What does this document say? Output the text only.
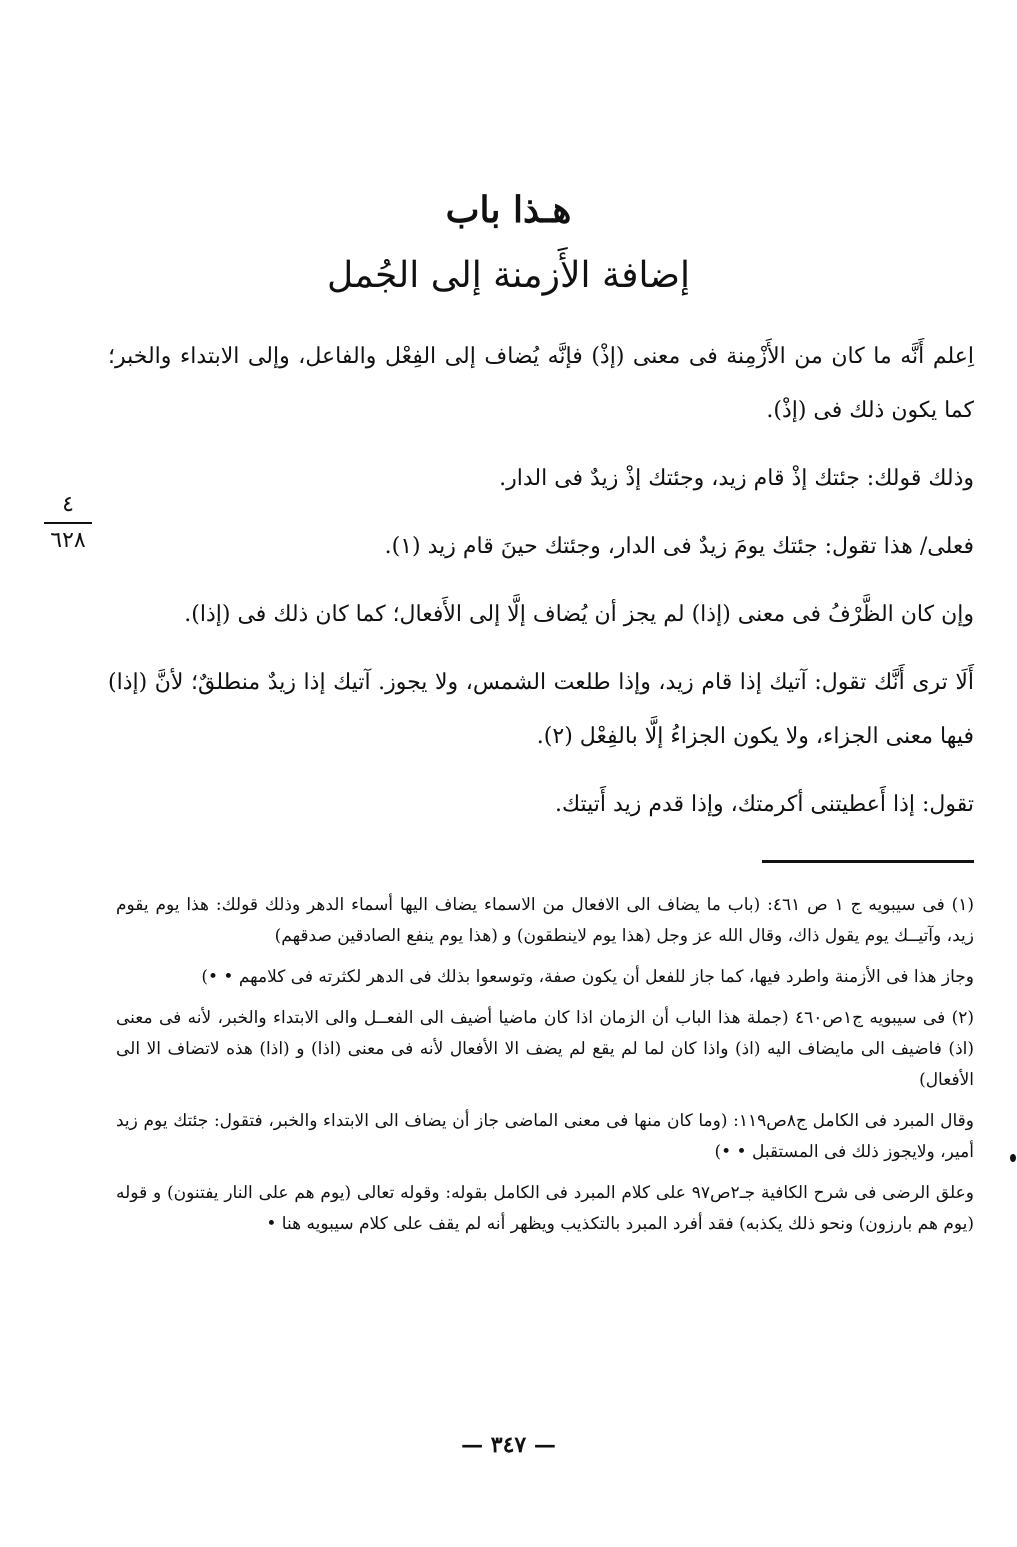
هـذا باب
إضافة الأَزمنة إلى الجُمل
٤
٦٢٨

اِعلم أَنَّه ما كان من الأَزْمِنة فى معنى (إذْ) فإنَّه يُضاف إلى الفِعْل والفاعل، وإلى الابتداء والخبر؛ كما يكون ذلك فى (إذْ).

وذلك قولك: جئتك إذْ قام زيد، وجئتك إذْ زيدٌ فى الدار.

فعلى/ هذا تقول: جئتك يومَ زيدٌ فى الدار، وجئتك حينَ قام زيد (١).

وإن كان الظَّرْفُ فى معنى (إذا) لم يجز أن يُضاف إلَّا إلى الأَفعال؛ كما كان ذلك فى (إذا).

أَلَا ترى أَنَّك تقول: آتيك إذا قام زيد، وإذا طلعت الشمس، ولا يجوز. آتيك إذا زيدٌ منطلقٌ؛ لأنَّ (إذا) فيها معنى الجزاء، ولا يكون الجزاءُ إلَّا بالفِعْل (٢).

تقول: إذا أَعطيتنى أكرمتك، وإذا قدم زيد أَتيتك.

(١) فى سيبويه ج ١ ص ٤٦١: (باب ما يضاف الى الافعال من الاسماء يضاف اليها أسماء الدهر وذلك قولك: هذا يوم يقوم زيد، وآتيــك يوم يقول ذاك، وقال الله عز وجل (هذا يوم لاينطقون) و (هذا يوم ينفع الصادقين صدقهم)

وجاز هذا فى الأزمنة واطرد فيها، كما جاز للفعل أن يكون صفة، وتوسعوا بذلك فى الدهر لكثرته فى كلامهم • •)

(٢) فى سيبويه ج١ص٤٦٠ (جملة هذا الباب أن الزمان اذا كان ماضيا أضيف الى الفعــل والى الابتداء والخبر، لأنه فى معنى (اذ) فاضيف الى مايضاف اليه (اذ) واذا كان لما لم يقع لم يضف الا الأفعال لأنه فى معنى (اذا) و (اذا) هذه لاتضاف الا الى الأفعال)

وقال المبرد فى الكامل ج٨ص١١٩: (وما كان منها فى معنى الماضى جاز أن يضاف الى الابتداء والخبر، فتقول: جئتك يوم زيد أمير، ولايجوز ذلك فى المستقبل • •)

وعلق الرضى فى شرح الكافية جـ٢ص٩٧ على كلام المبرد فى الكامل بقوله: وقوله تعالى (يوم هم على النار يفتنون) و قوله (يوم هم بارزون) ونحو ذلك يكذبه) فقد أفرد المبرد بالتكذيب ويظهر أنه لم يقف على كلام سيبويه هنا •

— ٣٤٧ —
